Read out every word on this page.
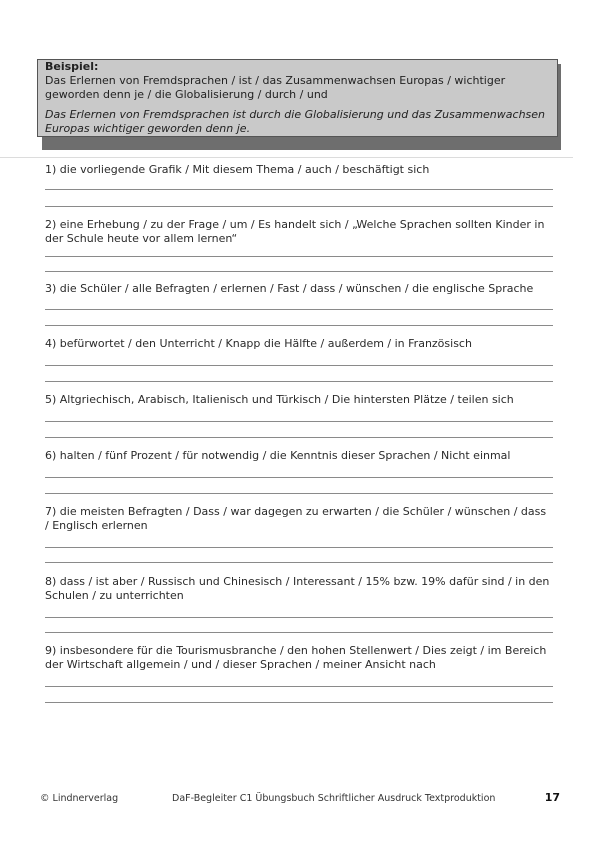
Beispiel:
Das Erlernen von Fremdsprachen / ist / das Zusammenwachsen Europas / wichtiger geworden denn je / die Globalisierung / durch / und
Das Erlernen von Fremdsprachen ist durch die Globalisierung und das Zusammenwachsen Europas wichtiger geworden denn je.

1) die vorliegende Grafik / Mit diesem Thema / auch / beschäftigt sich

2) eine Erhebung / zu der Frage / um / Es handelt sich / „Welche Sprachen sollten Kinder in der Schule heute vor allem lernen“

3) die Schüler / alle Befragten / erlernen / Fast / dass / wünschen / die englische Sprache

4) befürwortet / den Unterricht / Knapp die Hälfte / außerdem / in Französisch

5) Altgriechisch, Arabisch, Italienisch und Türkisch / Die hintersten Plätze / teilen sich

6) halten / fünf Prozent / für notwendig / die Kenntnis dieser Sprachen / Nicht einmal

7) die meisten Befragten / Dass / war dagegen zu erwarten / die Schüler / wünschen / dass / Englisch erlernen

8) dass / ist aber / Russisch und Chinesisch / Interessant / 15% bzw. 19% dafür sind / in den Schulen / zu unterrichten

9) insbesondere für die Tourismusbranche / den hohen Stellenwert / Dies zeigt / im Bereich der Wirtschaft allgemein / und / dieser Sprachen / meiner Ansicht nach

© Lindnerverlag	DaF-Begleiter C1 Übungsbuch Schriftlicher Ausdruck Textproduktion	17
